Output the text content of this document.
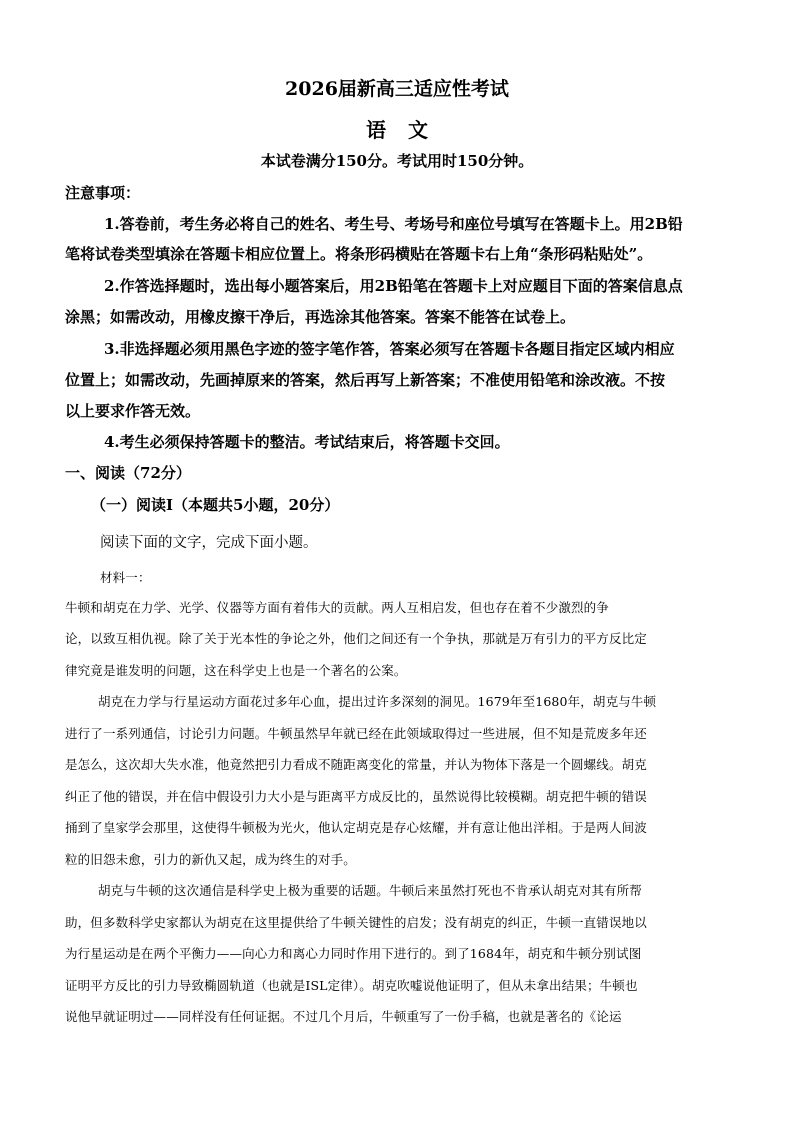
2026届新高三适应性考试
语文
本试卷满分150分。考试用时150分钟。
注意事项：
1.答卷前，考生务必将自己的姓名、考生号、考场号和座位号填写在答题卡上。用2B铅
笔将试卷类型填涂在答题卡相应位置上。将条形码横贴在答题卡右上角“条形码粘贴处”。
2.作答选择题时，选出每小题答案后，用2B铅笔在答题卡上对应题目下面的答案信息点
涂黑；如需改动，用橡皮擦干净后，再选涂其他答案。答案不能答在试卷上。
3.非选择题必须用黑色字迹的签字笔作答，答案必须写在答题卡各题目指定区域内相应
位置上；如需改动，先画掉原来的答案，然后再写上新答案；不准使用铅笔和涂改液。不按
以上要求作答无效。
4.考生必须保持答题卡的整洁。考试结束后，将答题卡交回。
一、阅读（72分）
（一）阅读Ⅰ（本题共5小题，20分）
阅读下面的文字，完成下面小题。
材料一：
牛顿和胡克在力学、光学、仪器等方面有着伟大的贡献。两人互相启发，但也存在着不少激烈的争
论，以致互相仇视。除了关于光本性的争论之外，他们之间还有一个争执，那就是万有引力的平方反比定
律究竟是谁发明的问题，这在科学史上也是一个著名的公案。
胡克在力学与行星运动方面花过多年心血，提出过许多深刻的洞见。1679年至1680年，胡克与牛顿
进行了一系列通信，讨论引力问题。牛顿虽然早年就已经在此领域取得过一些进展，但不知是荒废多年还
是怎么，这次却大失水准，他竟然把引力看成不随距离变化的常量，并认为物体下落是一个圆螺线。胡克
纠正了他的错误，并在信中假设引力大小是与距离平方成反比的，虽然说得比较模糊。胡克把牛顿的错误
捅到了皇家学会那里，这使得牛顿极为光火，他认定胡克是存心炫耀，并有意让他出洋相。于是两人间波
粒的旧怨未愈，引力的新仇又起，成为终生的对手。
胡克与牛顿的这次通信是科学史上极为重要的话题。牛顿后来虽然打死也不肯承认胡克对其有所帮
助，但多数科学史家都认为胡克在这里提供给了牛顿关键性的启发；没有胡克的纠正，牛顿一直错误地以
为行星运动是在两个平衡力——向心力和离心力同时作用下进行的。到了1684年，胡克和牛顿分别试图
证明平方反比的引力导致椭圆轨道（也就是ISL定律）。胡克吹嘘说他证明了，但从未拿出结果；牛顿也
说他早就证明过——同样没有任何证据。不过几个月后，牛顿重写了一份手稿，也就是著名的《论运
